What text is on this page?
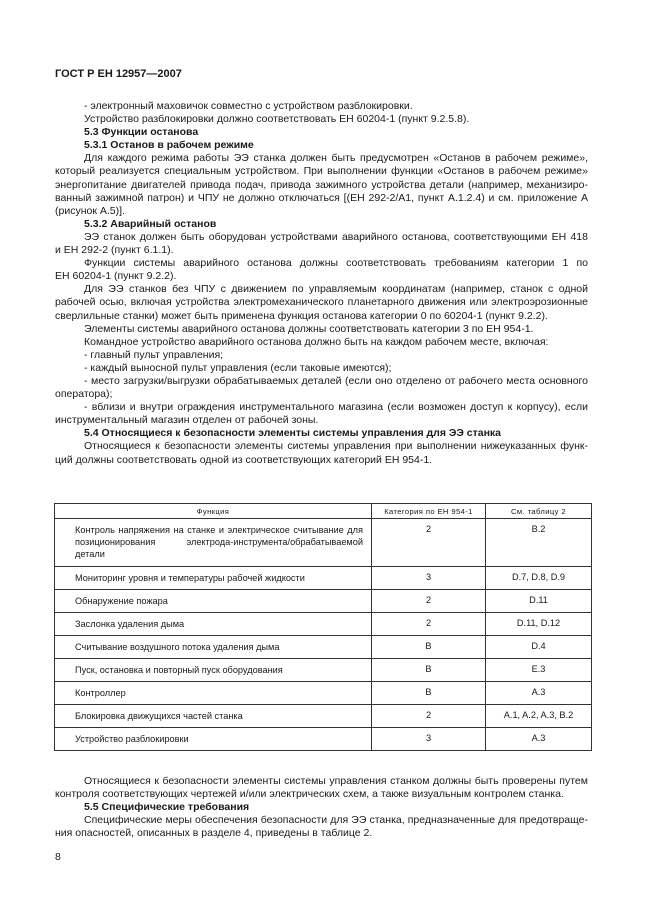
ГОСТ Р ЕН 12957—2007
- электронный маховичок совместно с устройством разблокировки.
Устройство разблокировки должно соответствовать ЕН 60204-1 (пункт 9.2.5.8).
5.3 Функции останова
5.3.1 Останов в рабочем режиме
Для каждого режима работы ЭЭ станка должен быть предусмотрен «Останов в рабочем режиме»,
который реализуется специальным устройством. При выполнении функции «Останов в рабочем режиме»
энергопитание двигателей привода подач, привода зажимного устройства детали (например, механизиро-
ванный зажимной патрон) и ЧПУ не должно отключаться [(ЕН 292-2/А1, пункт А.1.2.4) и см. приложение А
(рисунок А.5)].
5.3.2 Аварийный останов
ЭЭ станок должен быть оборудован устройствами аварийного останова, соответствующими ЕН 418
и ЕН 292-2 (пункт 6.1.1).
Функции системы аварийного останова должны соответствовать требованиям категории 1 по
ЕН 60204-1 (пункт 9.2.2).
Для ЭЭ станков без ЧПУ с движением по управляемым координатам (например, станок с одной
рабочей осью, включая устройства электромеханического планетарного движения или электроэрозионные
сверлильные станки) может быть применена функция останова категории 0 по 60204-1 (пункт 9.2.2).
Элементы системы аварийного останова должны соответствовать категории 3 по ЕН 954-1.
Командное устройство аварийного останова должно быть на каждом рабочем месте, включая:
- главный пульт управления;
- каждый выносной пульт управления (если таковые имеются);
- место загрузки/выгрузки обрабатываемых деталей (если оно отделено от рабочего места основного
оператора);
- вблизи и внутри ограждения инструментального магазина (если возможен доступ к корпусу), если
инструментальный магазин отделен от рабочей зоны.
5.4 Относящиеся к безопасности элементы системы управления для ЭЭ станка
Относящиеся к безопасности элементы системы управления при выполнении нижеуказанных функ-
ций должны соответствовать одной из соответствующих категорий ЕН 954-1.
Функция	Категория по ЕН 954-1	См. таблицу 2
Контроль напряжения на станке и электрическое считывание для позиционирования электрода-инструмента/обрабатываемой детали	2	B.2
Мониторинг уровня и температуры рабочей жидкости	3	D.7, D.8, D.9
Обнаружение пожара	2	D.11
Заслонка удаления дыма	2	D.11, D.12
Считывание воздушного потока удаления дыма	B	D.4
Пуск, остановка и повторный пуск оборудования	B	E.3
Контроллер	B	A.3
Блокировка движущихся частей станка	2	A.1, A.2, A.3, B.2
Устройство разблокировки	3	A.3
Относящиеся к безопасности элементы системы управления станком должны быть проверены путем
контроля соответствующих чертежей и/или электрических схем, а также визуальным контролем станка.
5.5 Специфические требования
Специфические меры обеспечения безопасности для ЭЭ станка, предназначенные для предотвраще-
ния опасностей, описанных в разделе 4, приведены в таблице 2.
8
